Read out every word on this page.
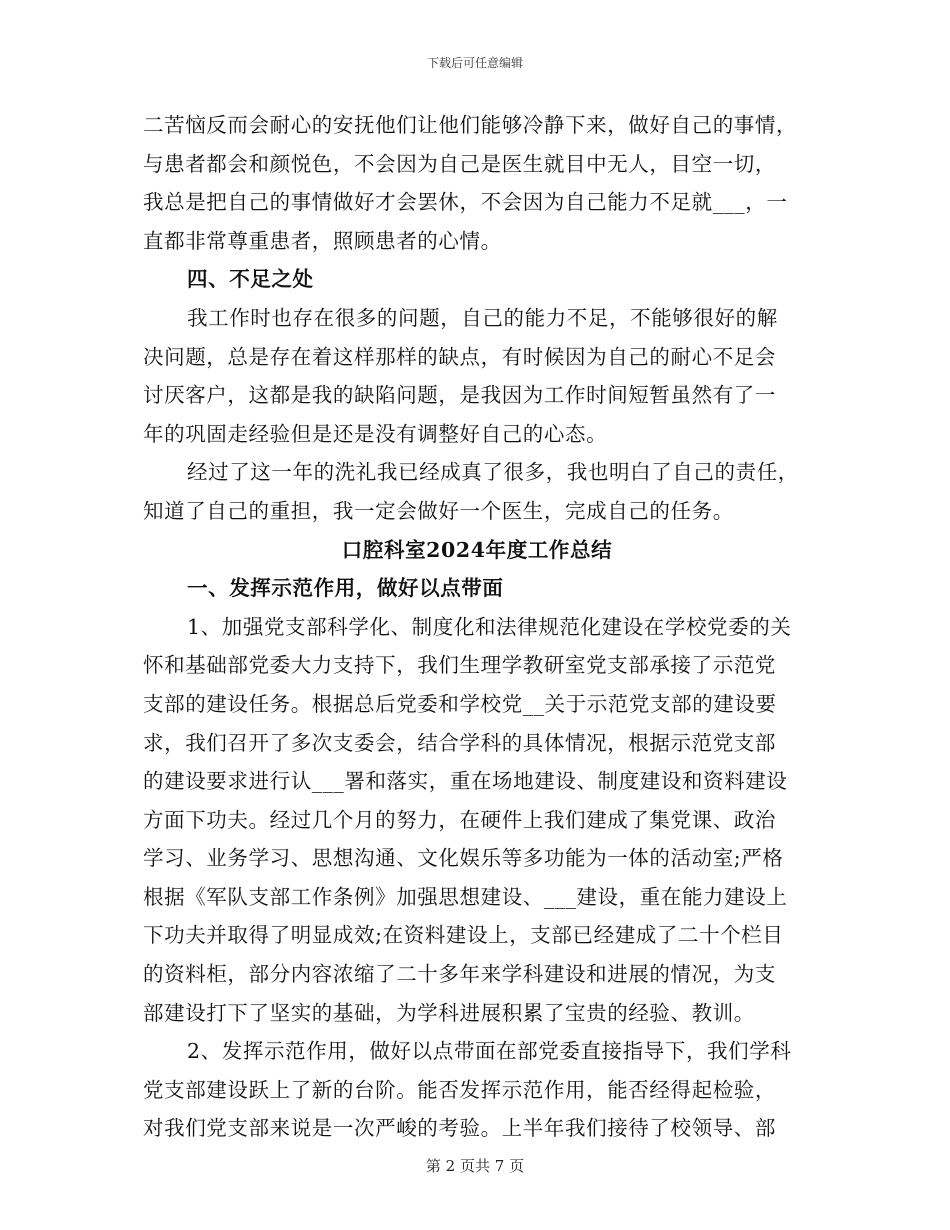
下载后可任意编辑
二苦恼反而会耐心的安抚他们让他们能够冷静下来，做好自己的事情，
与患者都会和颜悦色，不会因为自己是医生就目中无人，目空一切，
我总是把自己的事情做好才会罢休，不会因为自己能力不足就___，一
直都非常尊重患者，照顾患者的心情。
四、不足之处
我工作时也存在很多的问题，自己的能力不足，不能够很好的解
决问题，总是存在着这样那样的缺点，有时候因为自己的耐心不足会
讨厌客户，这都是我的缺陷问题，是我因为工作时间短暂虽然有了一
年的巩固走经验但是还是没有调整好自己的心态。
经过了这一年的洗礼我已经成真了很多，我也明白了自己的责任，
知道了自己的重担，我一定会做好一个医生，完成自己的任务。
口腔科室2024年度工作总结
一、发挥示范作用，做好以点带面
1、加强党支部科学化、制度化和法律规范化建设在学校党委的关
怀和基础部党委大力支持下，我们生理学教研室党支部承接了示范党
支部的建设任务。根据总后党委和学校党__关于示范党支部的建设要
求，我们召开了多次支委会，结合学科的具体情况，根据示范党支部
的建设要求进行认___署和落实，重在场地建设、制度建设和资料建设
方面下功夫。经过几个月的努力，在硬件上我们建成了集党课、政治
学习、业务学习、思想沟通、文化娱乐等多功能为一体的活动室;严格
根据《军队支部工作条例》加强思想建设、___建设，重在能力建设上
下功夫并取得了明显成效;在资料建设上，支部已经建成了二十个栏目
的资料柜，部分内容浓缩了二十多年来学科建设和进展的情况，为支
部建设打下了坚实的基础，为学科进展积累了宝贵的经验、教训。
2、发挥示范作用，做好以点带面在部党委直接指导下，我们学科
党支部建设跃上了新的台阶。能否发挥示范作用，能否经得起检验，
对我们党支部来说是一次严峻的考验。上半年我们接待了校领导、部
第 2 页共 7 页
